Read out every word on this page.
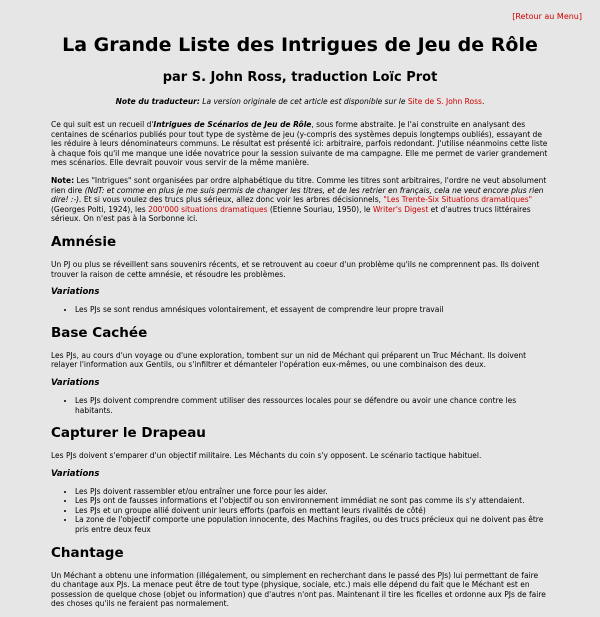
[Retour au Menu]
La Grande Liste des Intrigues de Jeu de Rôle
par S. John Ross, traduction Loïc Prot
Note du traducteur: La version originale de cet article est disponible sur le Site de S. John Ross.

Ce qui suit est un recueil d'Intrigues de Scénarios de Jeu de Rôle, sous forme abstraite. Je l'ai construite en analysant des centaines de scénarios publiés pour tout type de système de jeu (y-compris des systèmes depuis longtemps oubliés), essayant de les réduire à leurs dénominateurs communs. Le résultat est présenté ici: arbitraire, parfois redondant. J'utilise néanmoins cette liste à chaque fois qu'il me manque une idée novatrice pour la session suivante de ma campagne. Elle me permet de varier grandement mes scénarios. Elle devrait pouvoir vous servir de la même manière.

Note: Les "Intrigues" sont organisées par ordre alphabétique du titre. Comme les titres sont arbitraires, l'ordre ne veut absolument rien dire (NdT: et comme en plus je me suis permis de changer les titres, et de les retrier en français, cela ne veut encore plus rien dire! :-). Et si vous voulez des trucs plus sérieux, allez donc voir les arbres décisionnels, "Les Trente-Six Situations dramatiques" (Georges Polti, 1924), les 200'000 situations dramatiques (Etienne Souriau, 1950), le Writer's Digest et d'autres trucs littéraires sérieux. On n'est pas à la Sorbonne ici.

Amnésie

Un PJ ou plus se réveillent sans souvenirs récents, et se retrouvent au coeur d'un problème qu'ils ne comprennent pas. Ils doivent trouver la raison de cette amnésie, et résoudre les problèmes.

Variations
• Les PJs se sont rendus amnésiques volontairement, et essayent de comprendre leur propre travail
Base Cachée

Les PJs, au cours d'un voyage ou d'une exploration, tombent sur un nid de Méchant qui préparent un Truc Méchant. Ils doivent relayer l'information aux Gentils, ou s'infiltrer et démanteler l'opération eux-mêmes, ou une combinaison des deux.

Variations
• Les PJs doivent comprendre comment utiliser des ressources locales pour se défendre ou avoir une chance contre les habitants.
Capturer le Drapeau

Les PJs doivent s'emparer d'un objectif militaire. Les Méchants du coin s'y opposent. Le scénario tactique habituel.

Variations
• Les PJs doivent rassembler et/ou entraîner une force pour les aider.
• Les PJs ont de fausses informations et l'objectif ou son environnement immédiat ne sont pas comme ils s'y attendaient.
• Les PJs et un groupe allié doivent unir leurs efforts (parfois en mettant leurs rivalités de côté)
• La zone de l'objectif comporte une population innocente, des Machins fragiles, ou des trucs précieux qui ne doivent pas être pris entre deux feux
Chantage

Un Méchant a obtenu une information (illégalement, ou simplement en recherchant dans le passé des PJs) lui permettant de faire du chantage aux PJs. La menace peut être de tout type (physique, sociale, etc.) mais elle dépend du fait que le Méchant est en possession de quelque chose (objet ou information) que d'autres n'ont pas. Maintenant il tire les ficelles et ordonne aux PJs de faire des choses qu'ils ne feraient pas normalement.
